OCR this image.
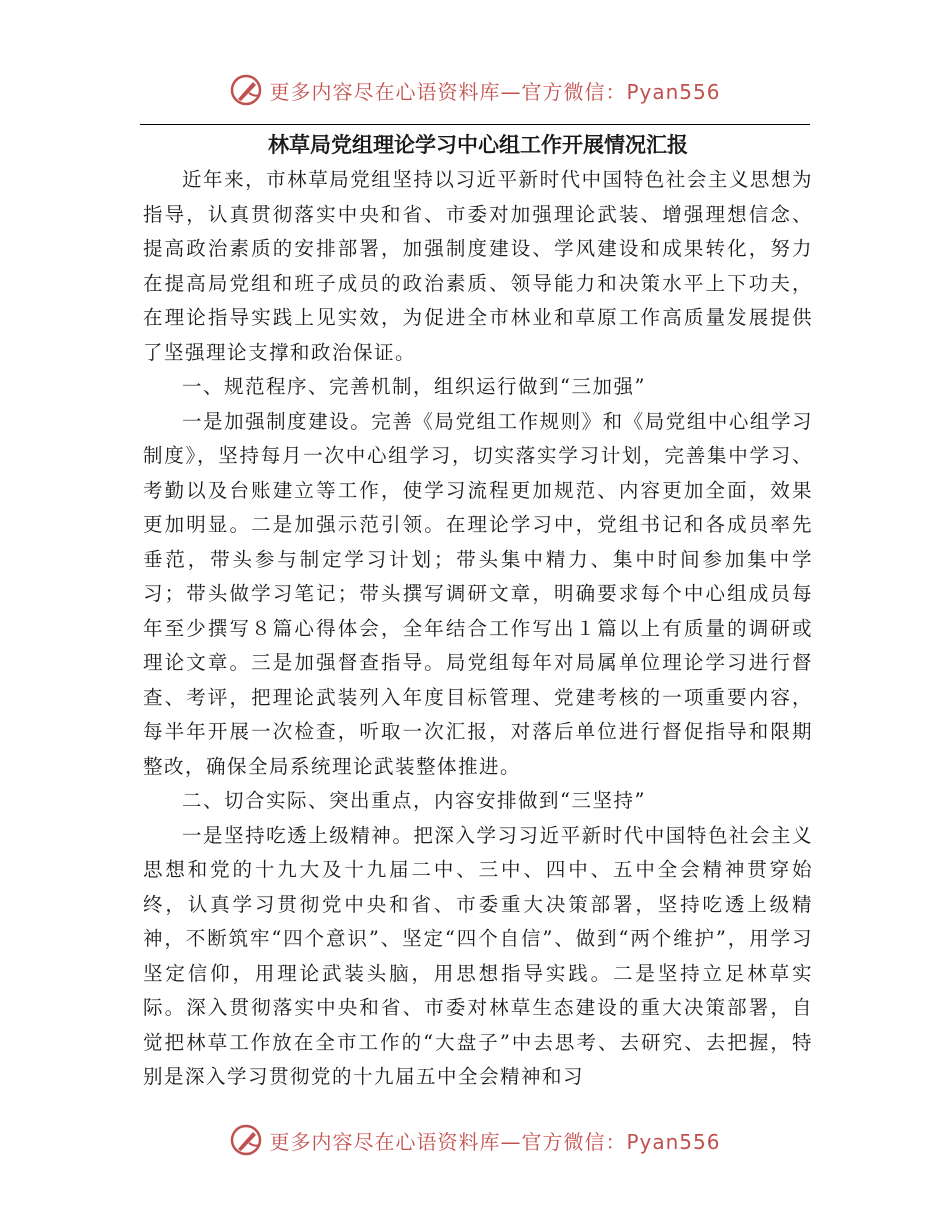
更多内容尽在心语资料库—官方微信：Pyan556
林草局党组理论学习中心组工作开展情况汇报

近年来，市林草局党组坚持以习近平新时代中国特色社会主义思想为指导，认真贯彻落实中央和省、市委对加强理论武装、增强理想信念、提高政治素质的安排部署，加强制度建设、学风建设和成果转化，努力在提高局党组和班子成员的政治素质、领导能力和决策水平上下功夫，在理论指导实践上见实效，为促进全市林业和草原工作高质量发展提供了坚强理论支撑和政治保证。

一、规范程序、完善机制，组织运行做到“三加强”

一是加强制度建设。完善《局党组工作规则》和《局党组中心组学习制度》，坚持每月一次中心组学习，切实落实学习计划，完善集中学习、考勤以及台账建立等工作，使学习流程更加规范、内容更加全面，效果更加明显。二是加强示范引领。在理论学习中，党组书记和各成员率先垂范，带头参与制定学习计划；带头集中精力、集中时间参加集中学习；带头做学习笔记；带头撰写调研文章，明确要求每个中心组成员每年至少撰写８篇心得体会，全年结合工作写出１篇以上有质量的调研或理论文章。三是加强督查指导。局党组每年对局属单位理论学习进行督查、考评，把理论武装列入年度目标管理、党建考核的一项重要内容，每半年开展一次检查，听取一次汇报，对落后单位进行督促指导和限期整改，确保全局系统理论武装整体推进。

二、切合实际、突出重点，内容安排做到“三坚持”

一是坚持吃透上级精神。把深入学习习近平新时代中国特色社会主义思想和党的十九大及十九届二中、三中、四中、五中全会精神贯穿始终，认真学习贯彻党中央和省、市委重大决策部署，坚持吃透上级精神，不断筑牢“四个意识”、坚定“四个自信”、做到“两个维护”，用学习坚定信仰，用理论武装头脑，用思想指导实践。二是坚持立足林草实际。深入贯彻落实中央和省、市委对林草生态建设的重大决策部署，自觉把林草工作放在全市工作的“大盘子”中去思考、去研究、去把握，特别是深入学习贯彻党的十九届五中全会精神和习

更多内容尽在心语资料库—官方微信：Pyan556
